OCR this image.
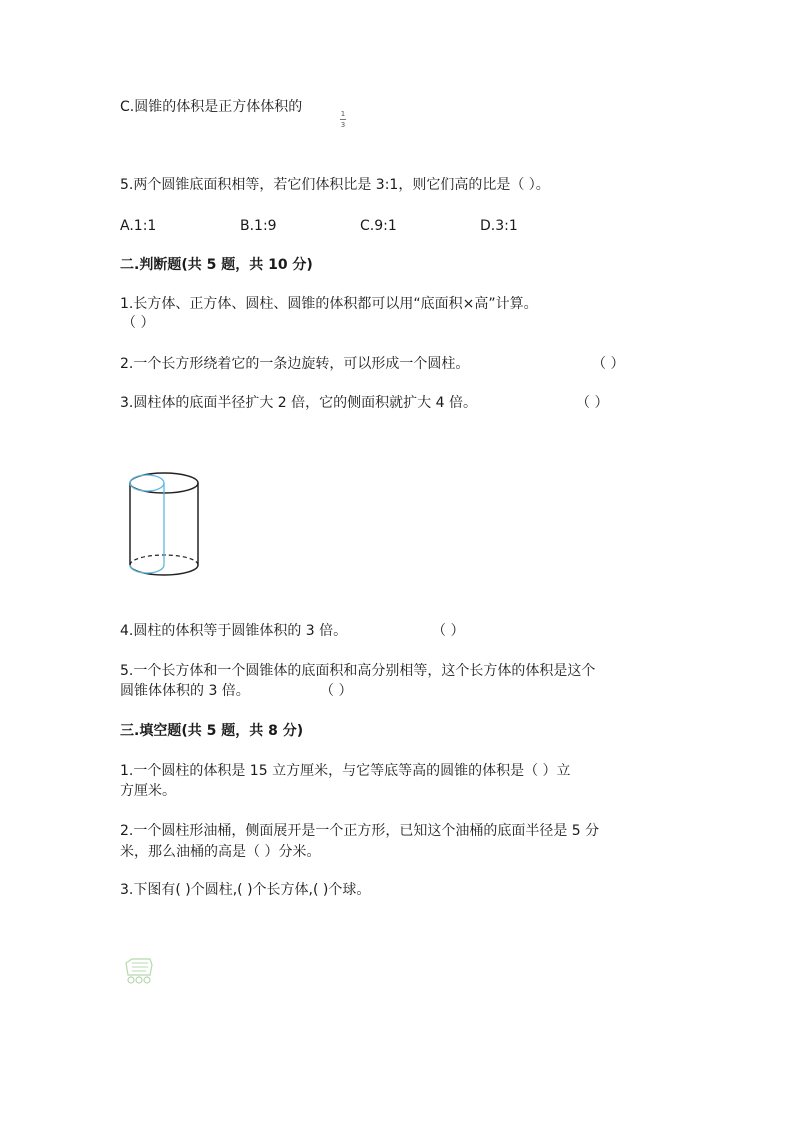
C.圆锥的体积是正方体体积的	1
3
5.两个圆锥底面积相等，若它们体积比是 3:1，则它们高的比是（ ）。
A.1:1	B.1:9	C.9:1	D.3:1
二.判断题(共 5 题，共 10 分)
1.长方体、正方体、圆柱、圆锥的体积都可以用“底面积×高”计算。
（ ）
2.一个长方形绕着它的一条边旋转，可以形成一个圆柱。	（ ）
3.圆柱体的底面半径扩大 2 倍，它的侧面积就扩大 4 倍。	（ ）
4.圆柱的体积等于圆锥体积的 3 倍。	（ ）
5.一个长方体和一个圆锥体的底面积和高分别相等，这个长方体的体积是这个
圆锥体体积的 3 倍。	（ ）
三.填空题(共 5 题，共 8 分)
1.一个圆柱的体积是 15 立方厘米，与它等底等高的圆锥的体积是（ ）立
方厘米。
2.一个圆柱形油桶，侧面展开是一个正方形，已知这个油桶的底面半径是 5 分
米，那么油桶的高是（ ）分米。
3.下图有( )个圆柱,( )个长方体,( )个球。
